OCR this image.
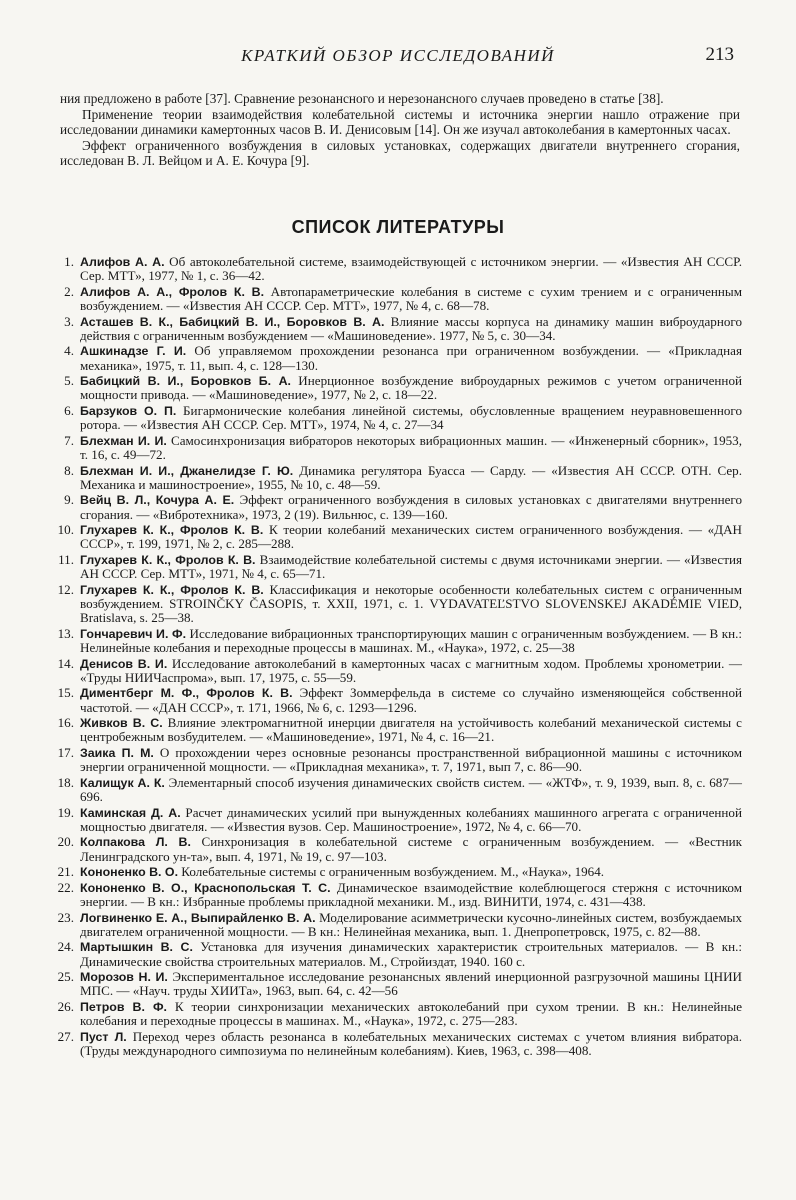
КРАТКИЙ ОБЗОР ИССЛЕДОВАНИЙ	213

ния предложено в работе [37]. Сравнение резонансного и нерезонансного случаев проведено в статье [38].

Применение теории взаимодействия колебательной системы и источника энергии нашло отражение при исследовании динамики камертонных часов В. И. Денисовым [14]. Он же изучал автоколебания в камертонных часах.

Эффект ограниченного возбуждения в силовых установках, содержащих двигатели внутреннего сгорания, исследован В. Л. Вейцом и А. Е. Кочура [9].

СПИСОК ЛИТЕРАТУРЫ
1. Алифов А. А. Об автоколебательной системе, взаимодействующей с источником энергии. — «Известия АН СССР. Сер. МТТ», 1977, № 1, с. 36—42.
2. Алифов А. А., Фролов К. В. Автопараметрические колебания в системе с сухим трением и с ограниченным возбуждением. — «Известия АН СССР. Сер. МТТ», 1977, № 4, с. 68—78.
3. Асташев В. К., Бабицкий В. И., Боровков В. А. Влияние массы корпуса на динамику машин виброударного действия с ограниченным возбуждением — «Машиноведение». 1977, № 5, с. 30—34.
4. Ашкинадзе Г. И. Об управляемом прохождении резонанса при ограниченном возбуждении. — «Прикладная механика», 1975, т. 11, вып. 4, с. 128—130.
5. Бабицкий В. И., Боровков Б. А. Инерционное возбуждение виброударных режимов с учетом ограниченной мощности привода. — «Машиноведение», 1977, № 2, с. 18—22.
6. Барзуков О. П. Бигармонические колебания линейной системы, обусловленные вращением неуравновешенного ротора. — «Известия АН СССР. Сер. МТТ», 1974, № 4, с. 27—34
7. Блехман И. И. Самосинхронизация вибраторов некоторых вибрационных машин. — «Инженерный сборник», 1953, т. 16, с. 49—72.
8. Блехман И. И., Джанелидзе Г. Ю. Динамика регулятора Буасса — Сарду. — «Известия АН СССР. ОТН. Сер. Механика и машиностроение», 1955, № 10, с. 48—59.
9. Вейц В. Л., Кочура А. Е. Эффект ограниченного возбуждения в силовых установках с двигателями внутреннего сгорания. — «Вибротехника», 1973, 2 (19). Вильнюс, с. 139—160.
10. Глухарев К. К., Фролов К. В. К теории колебаний механических систем ограниченного возбуждения. — «ДАН СССР», т. 199, 1971, № 2, с. 285—288.
11. Глухарев К. К., Фролов К. В. Взаимодействие колебательной системы с двумя источниками энергии. — «Известия АН СССР. Сер. МТТ», 1971, № 4, с. 65—71.
12. Глухарев К. К., Фролов К. В. Классификация и некоторые особенности колебательных систем с ограниченным возбуждением. STROINČKY ČASOPIS, т. XXII, 1971, с. 1. VYDAVATEĽSTVO SLOVENSKEJ AKADÉMIE VIED, Bratislava, s. 25—38.
13. Гончаревич И. Ф. Исследование вибрационных транспортирующих машин с ограниченным возбуждением. — В кн.: Нелинейные колебания и переходные процессы в машинах. М., «Наука», 1972, с. 25—38
14. Денисов В. И. Исследование автоколебаний в камертонных часах с магнитным ходом. Проблемы хронометрии. — «Труды НИИЧаспрома», вып. 17, 1975, с. 55—59.
15. Диментберг М. Ф., Фролов К. В. Эффект Зоммерфельда в системе со случайно изменяющейся собственной частотой. — «ДАН СССР», т. 171, 1966, № 6, с. 1293—1296.
16. Живков В. С. Влияние электромагнитной инерции двигателя на устойчивость колебаний механической системы с центробежным возбудителем. — «Машиноведение», 1971, № 4, с. 16—21.
17. Заика П. М. О прохождении через основные резонансы пространственной вибрационной машины с источником энергии ограниченной мощности. — «Прикладная механика», т. 7, 1971, вып 7, с. 86—90.
18. Калищук А. К. Элементарный способ изучения динамических свойств систем. — «ЖТФ», т. 9, 1939, вып. 8, с. 687—696.
19. Каминская Д. А. Расчет динамических усилий при вынужденных колебаниях машинного агрегата с ограниченной мощностью двигателя. — «Известия вузов. Сер. Машиностроение», 1972, № 4, с. 66—70.
20. Колпакова Л. В. Синхронизация в колебательной системе с ограниченным возбуждением. — «Вестник Ленинградского ун-та», вып. 4, 1971, № 19, с. 97—103.
21. Кононенко В. О. Колебательные системы с ограниченным возбуждением. М., «Наука», 1964.
22. Кононенко В. О., Краснопольская Т. С. Динамическое взаимодействие колеблющегося стержня с источником энергии. — В кн.: Избранные проблемы прикладной механики. М., изд. ВИНИТИ, 1974, с. 431—438.
23. Логвиненко Е. А., Выпирайленко В. А. Моделирование асимметрически кусочно-линейных систем, возбуждаемых двигателем ограниченной мощности. — В кн.: Нелинейная механика, вып. 1. Днепропетровск, 1975, с. 82—88.
24. Мартышкин В. С. Установка для изучения динамических характеристик строительных материалов. — В кн.: Динамические свойства строительных материалов. М., Стройиздат, 1940. 160 с.
25. Морозов Н. И. Экспериментальное исследование резонансных явлений инерционной разгрузочной машины ЦНИИ МПС. — «Науч. труды ХИИТа», 1963, вып. 64, с. 42—56
26. Петров В. Ф. К теории синхронизации механических автоколебаний при сухом трении. В кн.: Нелинейные колебания и переходные процессы в машинах. М., «Наука», 1972, с. 275—283.
27. Пуст Л. Переход через область резонанса в колебательных механических системах с учетом влияния вибратора. (Труды международного симпозиума по нелинейным колебаниям). Киев, 1963, с. 398—408.
